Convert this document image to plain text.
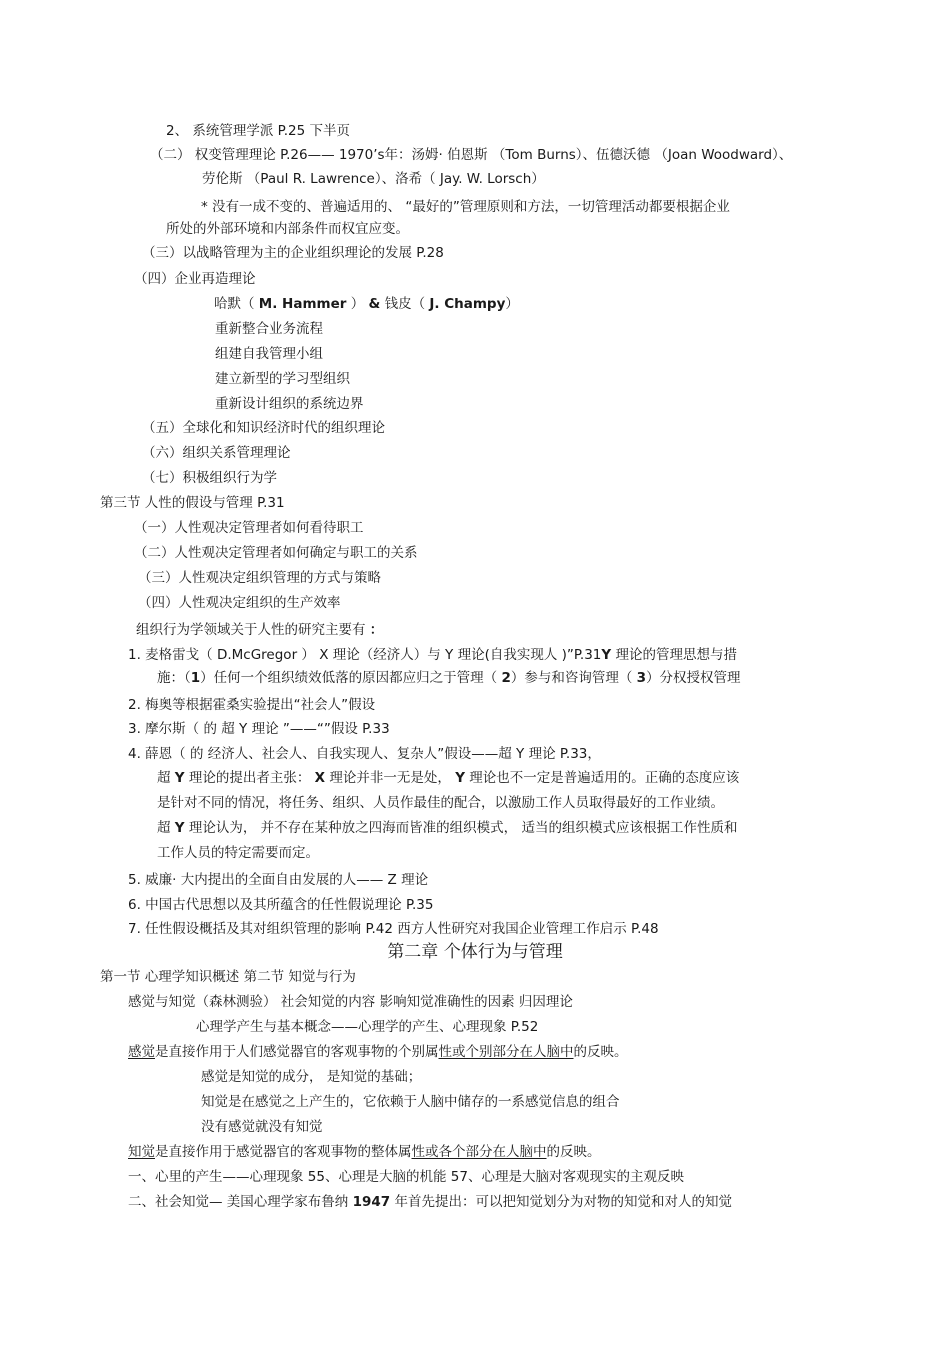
2、 系统管理学派 P.25 下半页
（二） 权变管理理论 P.26—— 1970’s年：汤姆· 伯恩斯 （Tom Burns）、伍德沃德 （Joan Woodward）、
劳伦斯 （Paul R. Lawrence）、洛希（ Jay. W. Lorsch）
* 没有一成不变的、普遍适用的、 “最好的”管理原则和方法，一切管理活动都要根据企业
所处的外部环境和内部条件而权宜应变。
（三）以战略管理为主的企业组织理论的发展 P.28
（四）企业再造理论
哈默（ M. Hammer ） & 钱皮（ J. Champy）
重新整合业务流程
组建自我管理小组
建立新型的学习型组织
重新设计组织的系统边界
（五）全球化和知识经济时代的组织理论
（六）组织关系管理理论
（七）积极组织行为学
第三节 人性的假设与管理 P.31
（一）人性观决定管理者如何看待职工
（二）人性观决定管理者如何确定与职工的关系
（三）人性观决定组织管理的方式与策略
（四）人性观决定组织的生产效率
组织行为学领域关于人性的研究主要有 ：
1. 麦格雷戈（ D.McGregor ） X 理论（经济人）与 Y 理论(自我实现人 )”P.31Y 理论的管理思想与措
施：（1）任何一个组织绩效低落的原因都应归之于管理（ 2）参与和咨询管理（ 3）分权授权管理
2. 梅奥等根据霍桑实验提出“社会人”假设
3. 摩尔斯（ 的 超 Y 理论 ”——“”假设 P.33
4. 薛恩（ 的 经济人、社会人、自我实现人、复杂人”假设——超 Y 理论 P.33，
超 Y 理论的提出者主张： X 理论并非一无是处， Y 理论也不一定是普遍适用的。正确的态度应该
是针对不同的情况，将任务、组织、人员作最佳的配合，以激励工作人员取得最好的工作业绩。
超 Y 理论认为， 并不存在某种放之四海而皆准的组织模式， 适当的组织模式应该根据工作性质和
工作人员的特定需要而定。
5. 威廉· 大内提出的全面自由发展的人—— Z 理论
6. 中国古代思想以及其所蕴含的任性假说理论 P.35
7. 任性假设概括及其对组织管理的影响 P.42 西方人性研究对我国企业管理工作启示 P.48
第二章 个体行为与管理
第一节 心理学知识概述 第二节 知觉与行为
感觉与知觉（森林测验） 社会知觉的内容 影响知觉准确性的因素 归因理论
心理学产生与基本概念——心理学的产生、心理现象 P.52
感觉是直接作用于人们感觉器官的客观事物的个别属性或个别部分在人脑中的反映。
感觉是知觉的成分， 是知觉的基础；
知觉是在感觉之上产生的，它依赖于人脑中储存的一系感觉信息的组合
没有感觉就没有知觉
知觉是直接作用于感觉器官的客观事物的整体属性或各个部分在人脑中的反映。
一、心里的产生——心理现象 55、心理是大脑的机能 57、心理是大脑对客观现实的主观反映
二、社会知觉— 美国心理学家布鲁纳 1947 年首先提出：可以把知觉划分为对物的知觉和对人的知觉
